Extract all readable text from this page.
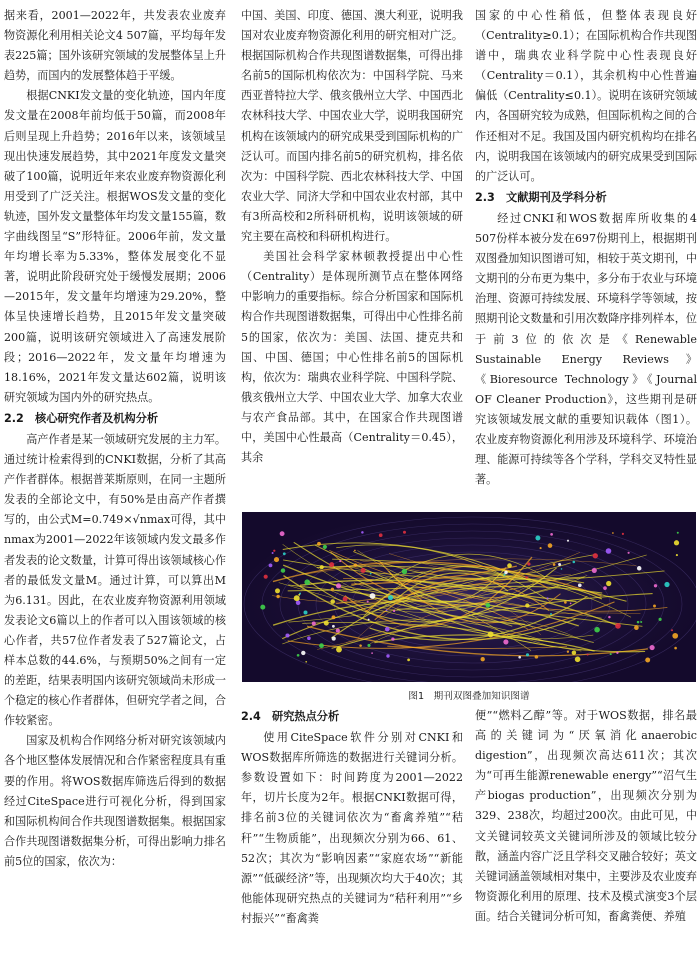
据来看，2001—2022年，共发表农业废弃物资源化利用相关论文4 507篇，平均每年发表225篇；国外该研究领域的发展整体呈上升趋势，而国内的发展整体趋于平缓。

根据CNKI发文量的变化轨迹，国内年度发文量在2008年前均低于50篇，而2008年后则呈现上升趋势；2016年以来，该领域呈现出快速发展趋势，其中2021年度发文量突破了100篇，说明近年来农业废弃物资源化利用受到了广泛关注。根据WOS发文量的变化轨迹，国外发文量整体年均发文量155篇，数字曲线图呈“S”形特征。2006年前，发文量年均增长率为5.33%，整体发展变化不显著，说明此阶段研究处于缓慢发展期；2006—2015年，发文量年均增速为29.20%，整体呈快速增长趋势，且2015年发文量突破200篇，说明该研究领域进入了高速发展阶段；2016—2022年，发文量年均增速为18.16%，2021年发文量达602篇，说明该研究领域为国内外的研究热点。

2.2　核心研究作者及机构分析

高产作者是某一领域研究发展的主力军。通过统计检索得到的CNKI数据，分析了其高产作者群体。根据普莱斯原则，在同一主题所发表的全部论文中，有50%是由高产作者撰写的，由公式M=0.749×√nmax可得，其中nmax为2001—2022年该领域内发文最多作者发表的论文数量，计算可得出该领域核心作者的最低发文量M。通过计算，可以算出M为6.131。因此，在农业废弃物资源利用领域发表论文6篇以上的作者可以入围该领域的核心作者，共57位作者发表了527篇论文，占样本总数的44.6%，与预期50%之间有一定的差距，结果表明国内该研究领域尚未形成一个稳定的核心作者群体，但研究学者之间，合作较紧密。

国家及机构合作网络分析对研究该领域内各个地区整体发展情况和合作紧密程度具有重要的作用。将WOS数据库筛选后得到的数据经过CiteSpace进行可视化分析，得到国家和国际机构间合作共现图谱数据集。根据国家合作共现图谱数据集分析，可得出影响力排名前5位的国家，依次为：

中国、美国、印度、德国、澳大利亚，说明我国对农业废弃物资源化利用的研究相对广泛。根据国际机构合作共现图谱数据集，可得出排名前5的国际机构依次为：中国科学院、马来西亚普特拉大学、俄亥俄州立大学、中国西北农林科技大学、中国农业大学，说明我国研究机构在该领域内的研究成果受到国际机构的广泛认可。而国内排名前5的研究机构，排名依次为：中国科学院、西北农林科技大学、中国农业大学、同济大学和中国农业农村部，其中有3所高校和2所科研机构，说明该领域的研究主要在高校和科研机构进行。

美国社会科学家林顿教授提出中心性（Centrality）是体现所测节点在整体网络中影响力的重要指标。综合分析国家和国际机构合作共现图谱数据集，可得出中心性排名前5的国家，依次为：美国、法国、捷克共和国、中国、德国；中心性排名前5的国际机构，依次为：瑞典农业科学院、中国科学院、俄亥俄州立大学、中国农业大学、加拿大农业与农产食品部。其中，在国家合作共现图谱中，美国中心性最高（Centrality＝0.45），其余

国家的中心性稍低，但整体表现良好（Centrality≥0.1）；在国际机构合作共现图谱中，瑞典农业科学院中心性表现良好（Centrality＝0.1），其余机构中心性普遍偏低（Centrality≤0.1）。说明在该研究领域内，各国研究较为成熟，但国际机构之间的合作还相对不足。我国及国内研究机构均在排名内，说明我国在该领域内的研究成果受到国际的广泛认可。

2.3　文献期刊及学科分析

经过CNKI和WOS数据库所收集的4 507份样本被分发在697份期刊上，根据期刊双图叠加知识图谱可知，相较于英文期刊，中文期刊的分布更为集中，多分布于农业与环境治理、资源可持续发展、环境科学等领域，按照期刊论文数量和引用次数降序排列样本，位于前3位的依次是《Renewable Sustainable Energy Reviews》《Bioresource Technology》《Journal OF Cleaner Production》，这些期刊是研究该领域发展文献的重要知识载体（图1）。农业废弃物资源化利用涉及环境科学、环境治理、能源可持续等各个学科，学科交叉特性显著。

图1　期刊双图叠加知识图谱
2.4　研究热点分析

使用CiteSpace软件分别对CNKI和WOS数据库所筛选的数据进行关键词分析。参数设置如下：时间跨度为2001—2022年，切片长度为2年。根据CNKI数据可得，排名前3位的关键词依次为“畜禽养殖”“秸秆”“生物质能”，出现频次分别为66、61、52次；其次为“影响因素”“家庭农场”“新能源”“低碳经济”等，出现频次均大于40次；其他能体现研究热点的关键词为“秸秆利用”“乡村振兴”“畜禽粪

便”“燃料乙醇”等。对于WOS数据，排名最高的关键词为“厌氧消化anaerobic digestion”，出现频次高达611次；其次为“可再生能源renewable energy”“沼气生产biogas production”，出现频次分别为329、238次，均超过200次。由此可见，中文关键词较英文关键词所涉及的领域比较分散，涵盖内容广泛且学科交叉融合较好；英文关键词涵盖领域相对集中，主要涉及农业废弃物资源化利用的原理、技术及模式演变3个层面。结合关键词分析可知，畜禽粪便、养殖
